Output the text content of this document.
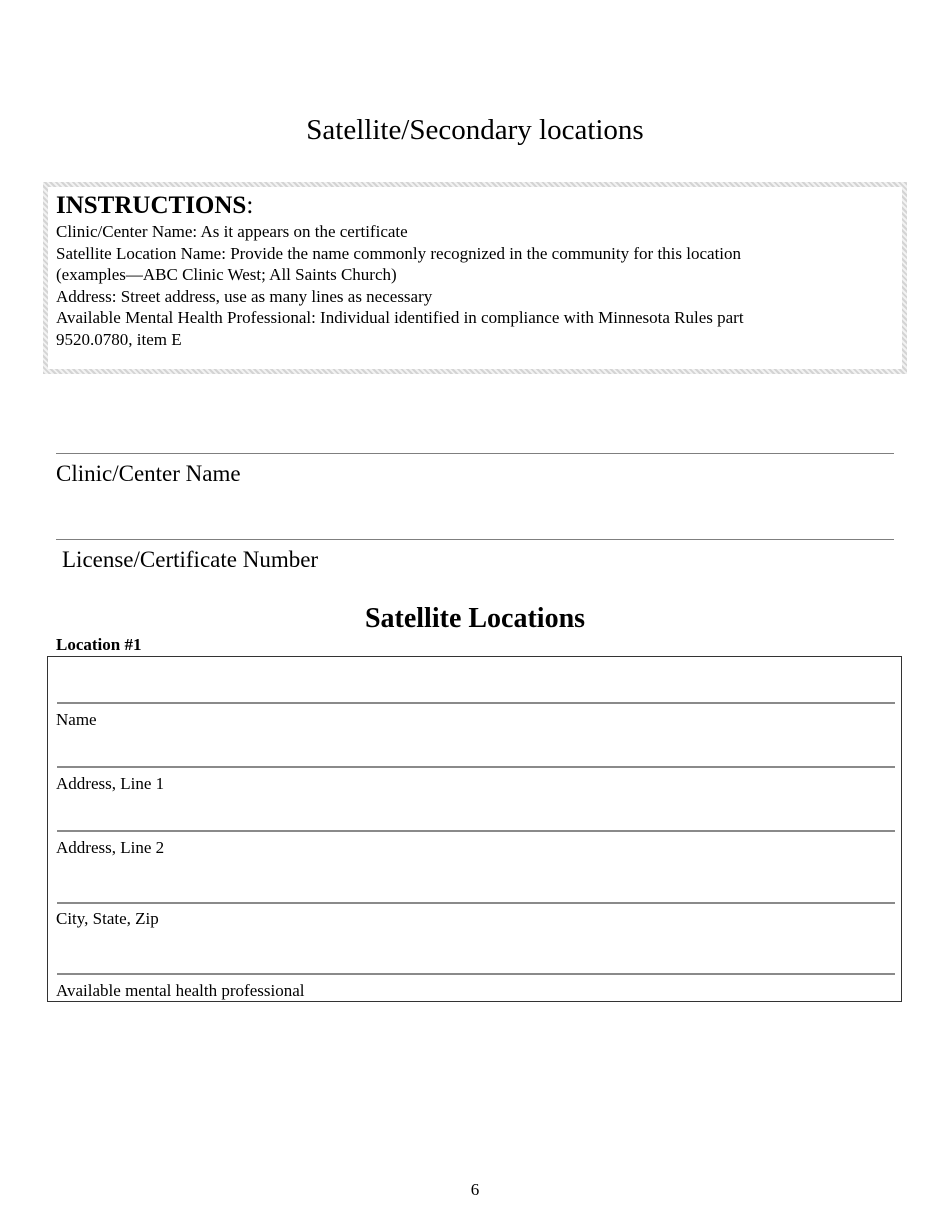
Satellite/Secondary locations
INSTRUCTIONS:
Clinic/Center Name: As it appears on the certificate
Satellite Location Name: Provide the name commonly recognized in the community for this location
(examples—ABC Clinic West; All Saints Church)
Address: Street address, use as many lines as necessary
Available Mental Health Professional: Individual identified in compliance with Minnesota Rules part
9520.0780, item E
Clinic/Center Name
License/Certificate Number
Satellite Locations
Location #1
Name
Address, Line 1
Address, Line 2
City, State, Zip
Available mental health professional
6
